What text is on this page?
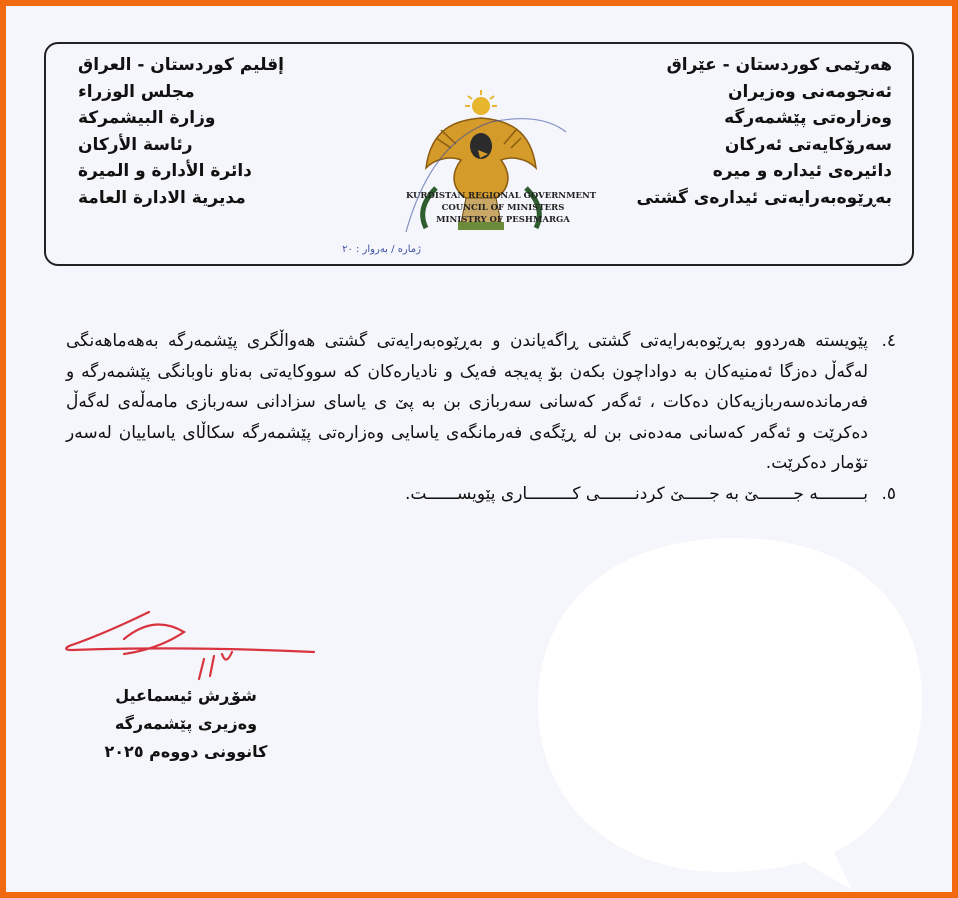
هەرێمی کوردستان - عێراق
ئەنجومەنی وەزیران
وەزارەتی پێشمەرگە
سەرۆکایەتی ئەرکان
دائیرەی ئیدارە و میرە
بەڕێوەبەرایەتی ئیدارەی گشتی
إقليم كوردستان - العراق
مجلس الوزراء
وزارة البيشمركة
رئاسة الأركان
دائرة الأدارة و الميرة
مديرية الادارة العامة	KURDISTAN REGIONAL GOVERNMENT
COUNCIL OF MINISTERS
MINISTRY OF PESHMARGA
ژمارە / بەروار : ۲۰
٤.
پێویستە هەردوو بەڕێوەبەرایەتی گشتی ڕاگەیاندن و بەڕێوەبەرایەتی گشتی هەواڵگری پێشمەرگە بەهەماهەنگی لەگەڵ دەزگا ئەمنیەکان بە دواداچون بکەن بۆ پەیجە فەیک و نادیارەکان کە سووکایەتی بەناو ناوبانگی پێشمەرگە و فەرماندەسەربازیەکان دەکات ، ئەگەر کەسانی سەربازی بن بە پێ ی یاسای سزادانی سەربازی مامەڵەی لەگەڵ دەکرێت و ئەگەر کەسانی مەدەنی بن لە ڕێگەی فەرمانگەی یاسایی وەزارەتی پێشمەرگە سکاڵای یاساییان لەسەر تۆمار دەکرێت.
٥.
بـــــــــە جـــــــێ بە جـــــێ کردنـــــــی کـــــــــاری پێویســــــت.
شۆڕش ئیسماعیل
وەزیری پێشمەرگە
كانوونی دووەم ۲۰۲٥
